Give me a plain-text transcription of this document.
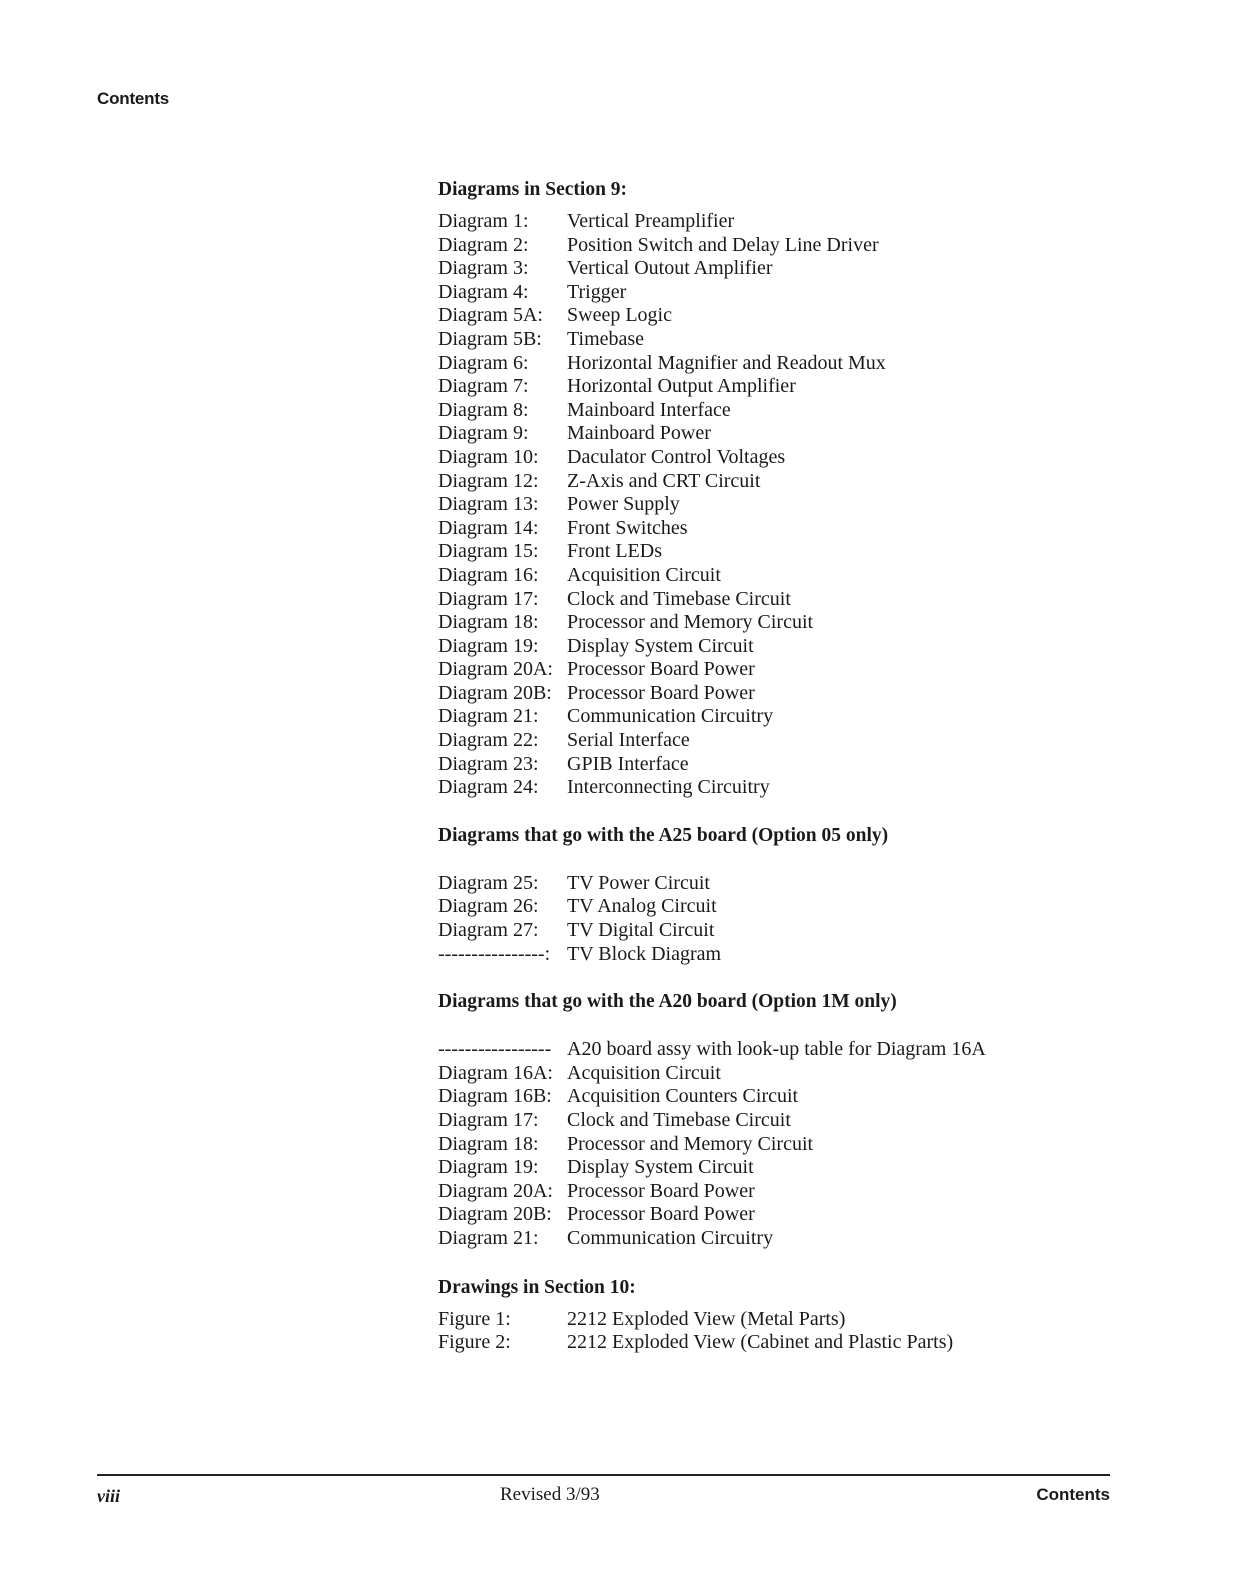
Contents
Diagrams in Section 9:
Diagram 1:	Vertical Preamplifier
Diagram 2:	Position Switch and Delay Line Driver
Diagram 3:	Vertical Outout Amplifier
Diagram 4:	Trigger
Diagram 5A:	Sweep Logic
Diagram 5B:	Timebase
Diagram 6:	Horizontal Magnifier and Readout Mux
Diagram 7:	Horizontal Output Amplifier
Diagram 8:	Mainboard Interface
Diagram 9:	Mainboard Power
Diagram 10:	Daculator Control Voltages
Diagram 12:	Z-Axis and CRT Circuit
Diagram 13:	Power Supply
Diagram 14:	Front Switches
Diagram 15:	Front LEDs
Diagram 16:	Acquisition Circuit
Diagram 17:	Clock and Timebase Circuit
Diagram 18:	Processor and Memory Circuit
Diagram 19:	Display System Circuit
Diagram 20A: Processor Board Power
Diagram 20B: Processor Board Power
Diagram 21:	Communication Circuitry
Diagram 22:	Serial Interface
Diagram 23:	GPIB Interface
Diagram 24:	Interconnecting Circuitry
Diagrams that go with the A25 board (Option 05 only)
Diagram 25:	TV Power Circuit
Diagram 26:	TV Analog Circuit
Diagram 27:	TV Digital Circuit
----------------: TV Block Diagram
Diagrams that go with the A20 board (Option 1M only)
----------------- A20 board assy with look-up table for Diagram 16A
Diagram 16A: Acquisition Circuit
Diagram 16B: Acquisition Counters Circuit
Diagram 17:	Clock and Timebase Circuit
Diagram 18:	Processor and Memory Circuit
Diagram 19:	Display System Circuit
Diagram 20A: Processor Board Power
Diagram 20B: Processor Board Power
Diagram 21:	Communication Circuitry
Drawings in Section 10:
Figure 1:	2212 Exploded View (Metal Parts)
Figure 2:	2212 Exploded View (Cabinet and Plastic Parts)
viii	Revised 3/93	Contents
